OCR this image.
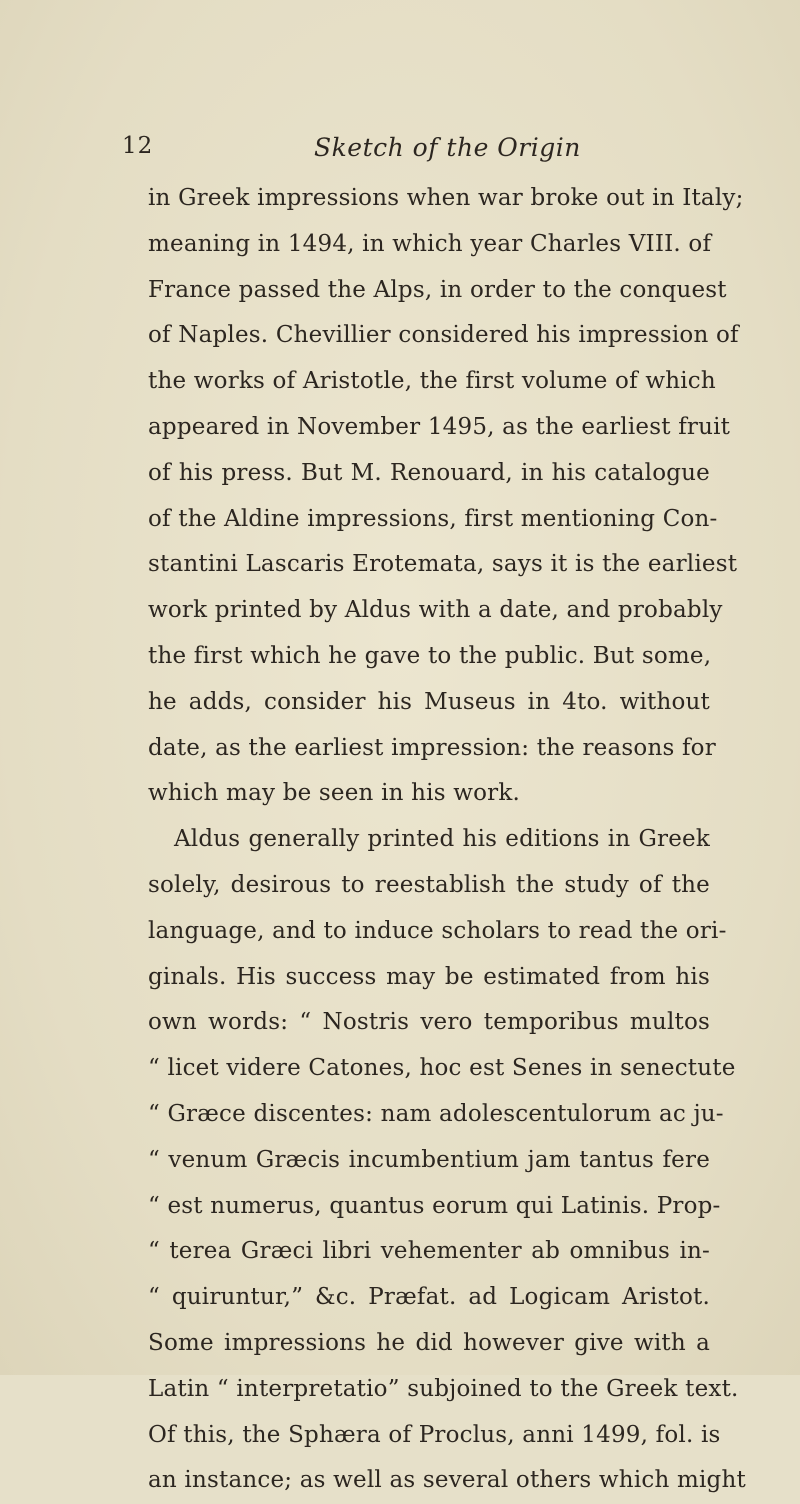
12	Sketch of the Origin
in Greek impressions when war broke out in Italy;
meaning in 1494, in which year Charles VIII. of
France passed the Alps, in order to the conquest
of Naples. Chevillier considered his impression of
the works of Aristotle, the first volume of which
appeared in November 1495, as the earliest fruit
of his press. But M. Renouard, in his catalogue
of the Aldine impressions, first mentioning Con-
stantini Lascaris Erotemata, says it is the earliest
work printed by Aldus with a date, and probably
the first which he gave to the public. But some,
he adds, consider his Museus in 4to. without
date, as the earliest impression: the reasons for
which may be seen in his work.
Aldus generally printed his editions in Greek
solely, desirous to reestablish the study of the
language, and to induce scholars to read the ori-
ginals. His success may be estimated from his
own words: “ Nostris vero temporibus multos
“ licet videre Catones, hoc est Senes in senectute
“ Græce discentes: nam adolescentulorum ac ju-
“ venum Græcis incumbentium jam tantus fere
“ est numerus, quantus eorum qui Latinis. Prop-
“ terea Græci libri vehementer ab omnibus in-
“ quiruntur,” &c. Præfat. ad Logicam Aristot.
Some impressions he did however give with a
Latin “ interpretatio” subjoined to the Greek text.
Of this, the Sphæra of Proclus, anni 1499, fol. is
an instance; as well as several others which might
